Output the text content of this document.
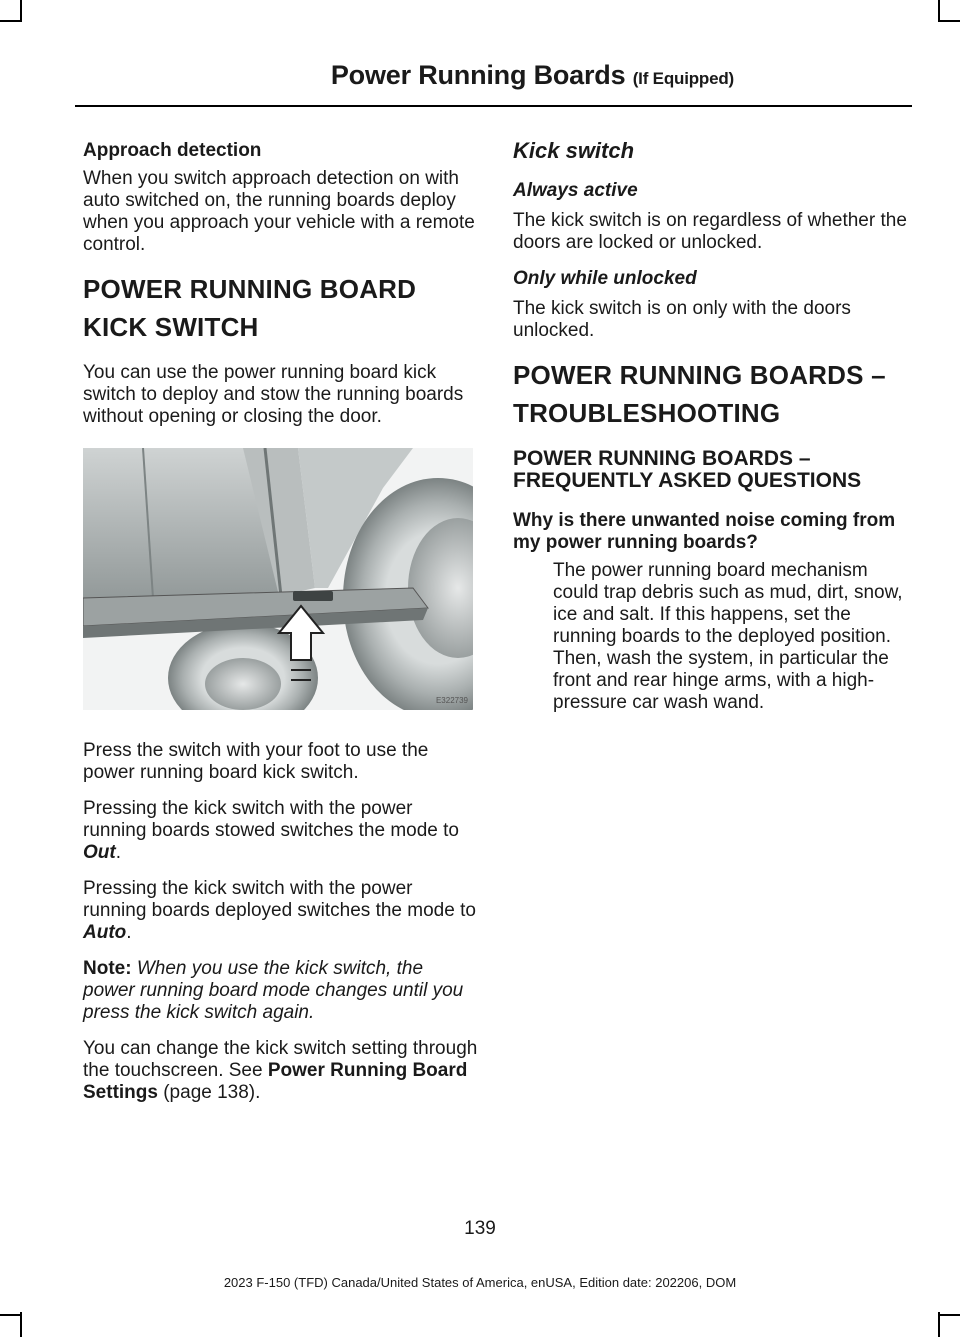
Power Running Boards (If Equipped)

Approach detection

When you switch approach detection on with auto switched on, the running boards deploy when you approach your vehicle with a remote control.

POWER RUNNING BOARD
KICK SWITCH

You can use the power running board kick switch to deploy and stow the running boards without opening or closing the door.

E322739

Press the switch with your foot to use the power running board kick switch.

Pressing the kick switch with the power running boards stowed switches the mode to Out.

Pressing the kick switch with the power running boards deployed switches the mode to Auto.

Note: When you use the kick switch, the power running board mode changes until you press the kick switch again.

You can change the kick switch setting through the touchscreen. See Power Running Board Settings (page 138).

Kick switch

Always active

The kick switch is on regardless of whether the doors are locked or unlocked.

Only while unlocked

The kick switch is on only with the doors unlocked.

POWER RUNNING BOARDS –
TROUBLESHOOTING
POWER RUNNING BOARDS –
FREQUENTLY ASKED QUESTIONS

Why is there unwanted noise coming from my power running boards?

The power running board mechanism could trap debris such as mud, dirt, snow, ice and salt. If this happens, set the running boards to the deployed position. Then, wash the system, in particular the front and rear hinge arms, with a high-pressure car wash wand.

139
2023 F-150 (TFD) Canada/United States of America, enUSA, Edition date: 202206, DOM
